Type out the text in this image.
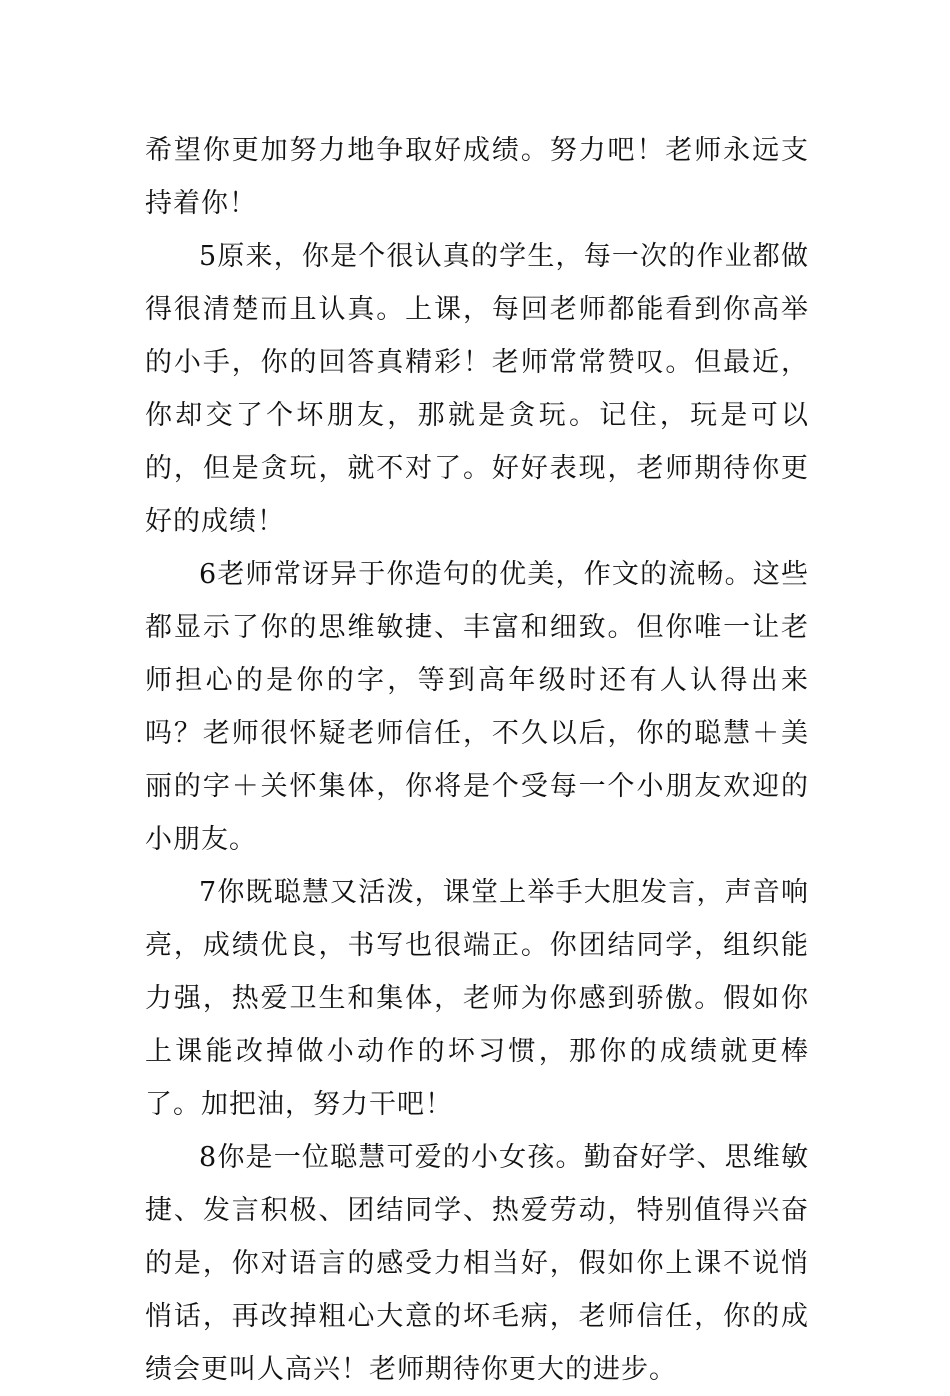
希望你更加努力地争取好成绩。努力吧！老师永远支持着你！

5原来，你是个很认真的学生，每一次的作业都做得很清楚而且认真。上课，每回老师都能看到你高举的小手，你的回答真精彩！老师常常赞叹。但最近，你却交了个坏朋友，那就是贪玩。记住，玩是可以的，但是贪玩，就不对了。好好表现，老师期待你更好的成绩！

6老师常讶异于你造句的优美，作文的流畅。这些都显示了你的思维敏捷、丰富和细致。但你唯一让老师担心的是你的字，等到高年级时还有人认得出来吗？老师很怀疑老师信任，不久以后，你的聪慧＋美丽的字＋关怀集体，你将是个受每一个小朋友欢迎的小朋友。

7你既聪慧又活泼，课堂上举手大胆发言，声音响亮，成绩优良，书写也很端正。你团结同学，组织能力强，热爱卫生和集体，老师为你感到骄傲。假如你上课能改掉做小动作的坏习惯，那你的成绩就更棒了。加把油，努力干吧！

8你是一位聪慧可爱的小女孩。勤奋好学、思维敏捷、发言积极、团结同学、热爱劳动，特别值得兴奋的是，你对语言的感受力相当好，假如你上课不说悄悄话，再改掉粗心大意的坏毛病，老师信任，你的成绩会更叫人高兴！老师期待你更大的进步。
